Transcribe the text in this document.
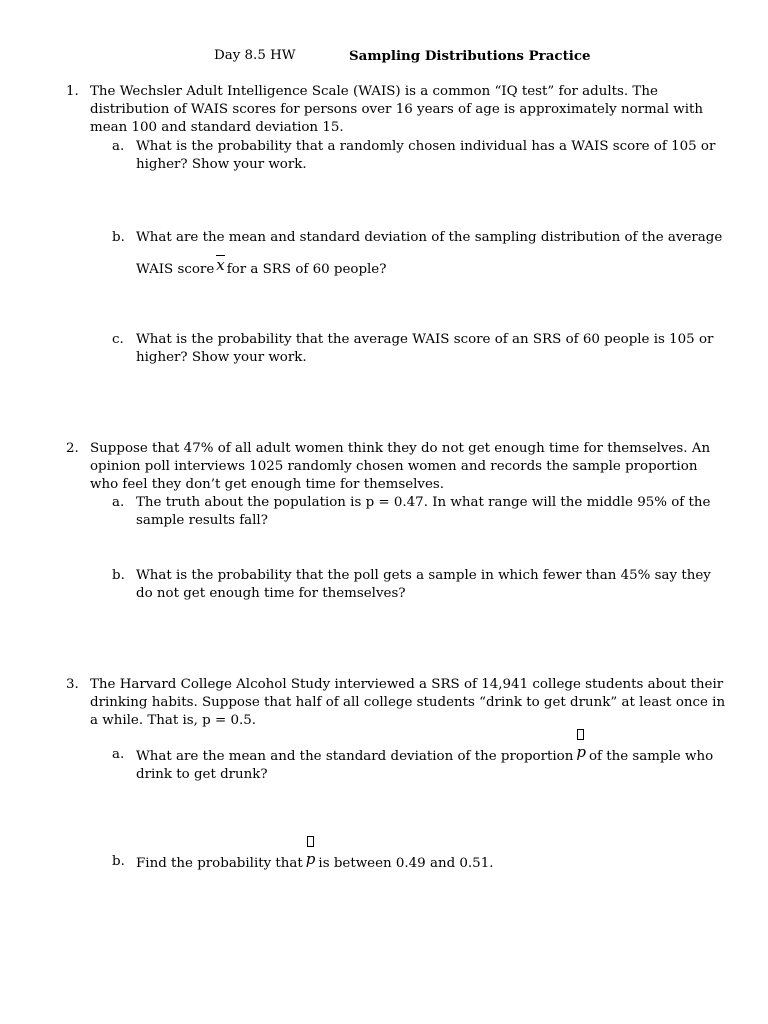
Day 8.5 HW	Sampling Distributions Practice
1. The Wechsler Adult Intelligence Scale (WAIS) is a common “IQ test” for adults. The distribution of WAIS scores for persons over 16 years of age is approximately normal with mean 100 and standard deviation 15.
a. What is the probability that a randomly chosen individual has a WAIS score of 105 or higher? Show your work.
b. What are the mean and standard deviation of the sampling distribution of the average
WAIS score x for a SRS of 60 people?
c. What is the probability that the average WAIS score of an SRS of 60 people is 105 or higher? Show your work.
2. Suppose that 47% of all adult women think they do not get enough time for themselves. An opinion poll interviews 1025 randomly chosen women and records the sample proportion who feel they don’t get enough time for themselves.
a. The truth about the population is p = 0.47. In what range will the middle 95% of the sample results fall?
b. What is the probability that the poll gets a sample in which fewer than 45% say they do not get enough time for themselves?
3. The Harvard College Alcohol Study interviewed a SRS of 14,941 college students about their drinking habits. Suppose that half of all college students “drink to get drunk” at least once in a while. That is, p = 0.5.
a. What are the mean and the standard deviation of the proportion p of the sample who drink to get drunk?
b. Find the probability that p is between 0.49 and 0.51.
